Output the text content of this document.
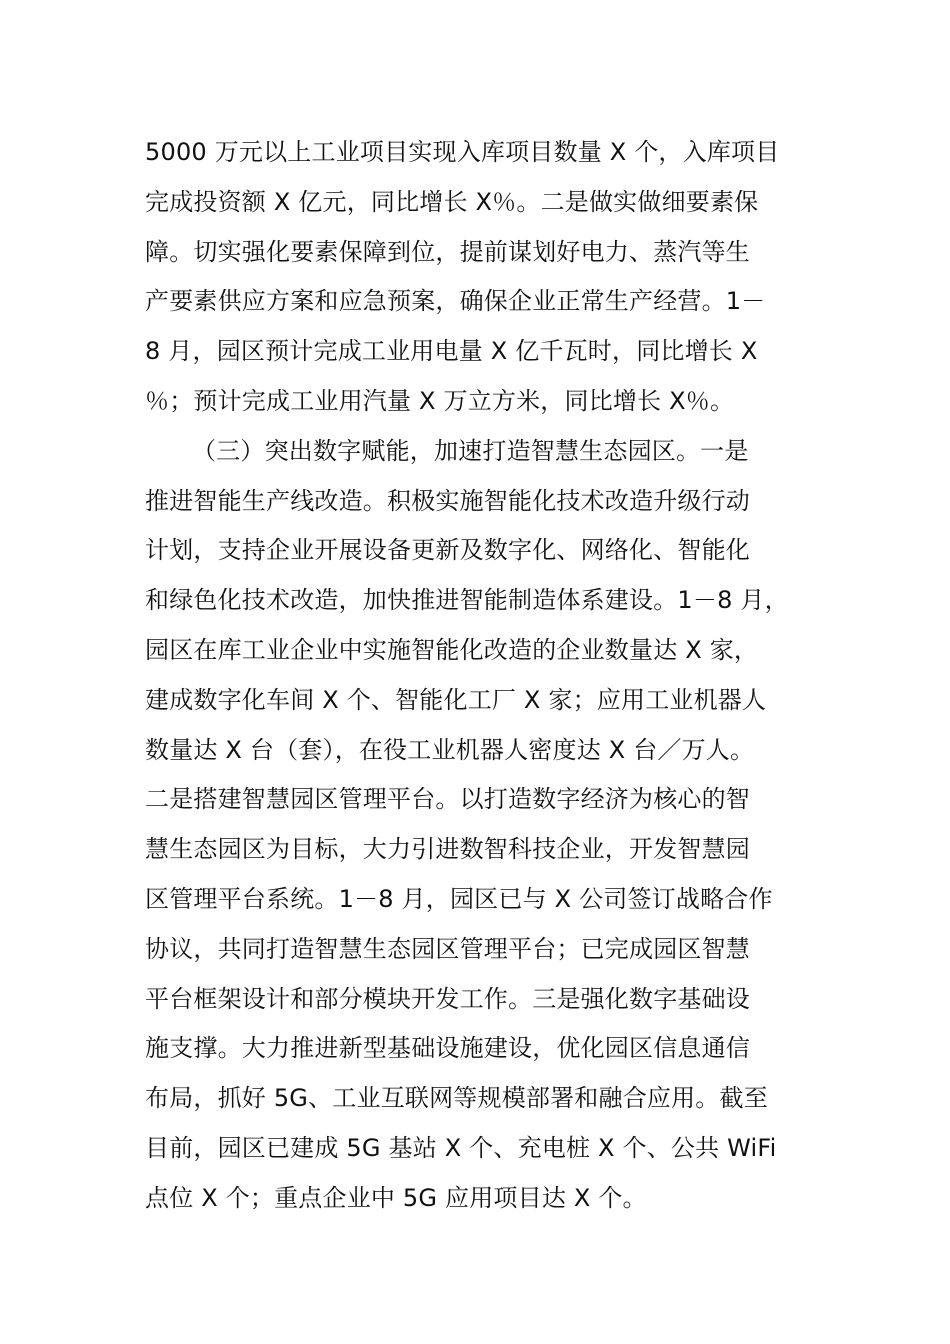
5000 万元以上工业项目实现入库项目数量 X 个，入库项目
完成投资额 X 亿元，同比增长 X％。二是做实做细要素保
障。切实强化要素保障到位，提前谋划好电力、蒸汽等生
产要素供应方案和应急预案，确保企业正常生产经营。1－
8 月，园区预计完成工业用电量 X 亿千瓦时，同比增长 X
％；预计完成工业用汽量 X 万立方米，同比增长 X％。
（三）突出数字赋能，加速打造智慧生态园区。一是
推进智能生产线改造。积极实施智能化技术改造升级行动
计划，支持企业开展设备更新及数字化、网络化、智能化
和绿色化技术改造，加快推进智能制造体系建设。1－8 月，
园区在库工业企业中实施智能化改造的企业数量达 X 家，
建成数字化车间 X 个、智能化工厂 X 家；应用工业机器人
数量达 X 台（套），在役工业机器人密度达 X 台／万人。
二是搭建智慧园区管理平台。以打造数字经济为核心的智
慧生态园区为目标，大力引进数智科技企业，开发智慧园
区管理平台系统。1－8 月，园区已与 X 公司签订战略合作
协议，共同打造智慧生态园区管理平台；已完成园区智慧
平台框架设计和部分模块开发工作。三是强化数字基础设
施支撑。大力推进新型基础设施建设，优化园区信息通信
布局，抓好 5G、工业互联网等规模部署和融合应用。截至
目前，园区已建成 5G 基站 X 个、充电桩 X 个、公共 WiFi
点位 X 个；重点企业中 5G 应用项目达 X 个。
